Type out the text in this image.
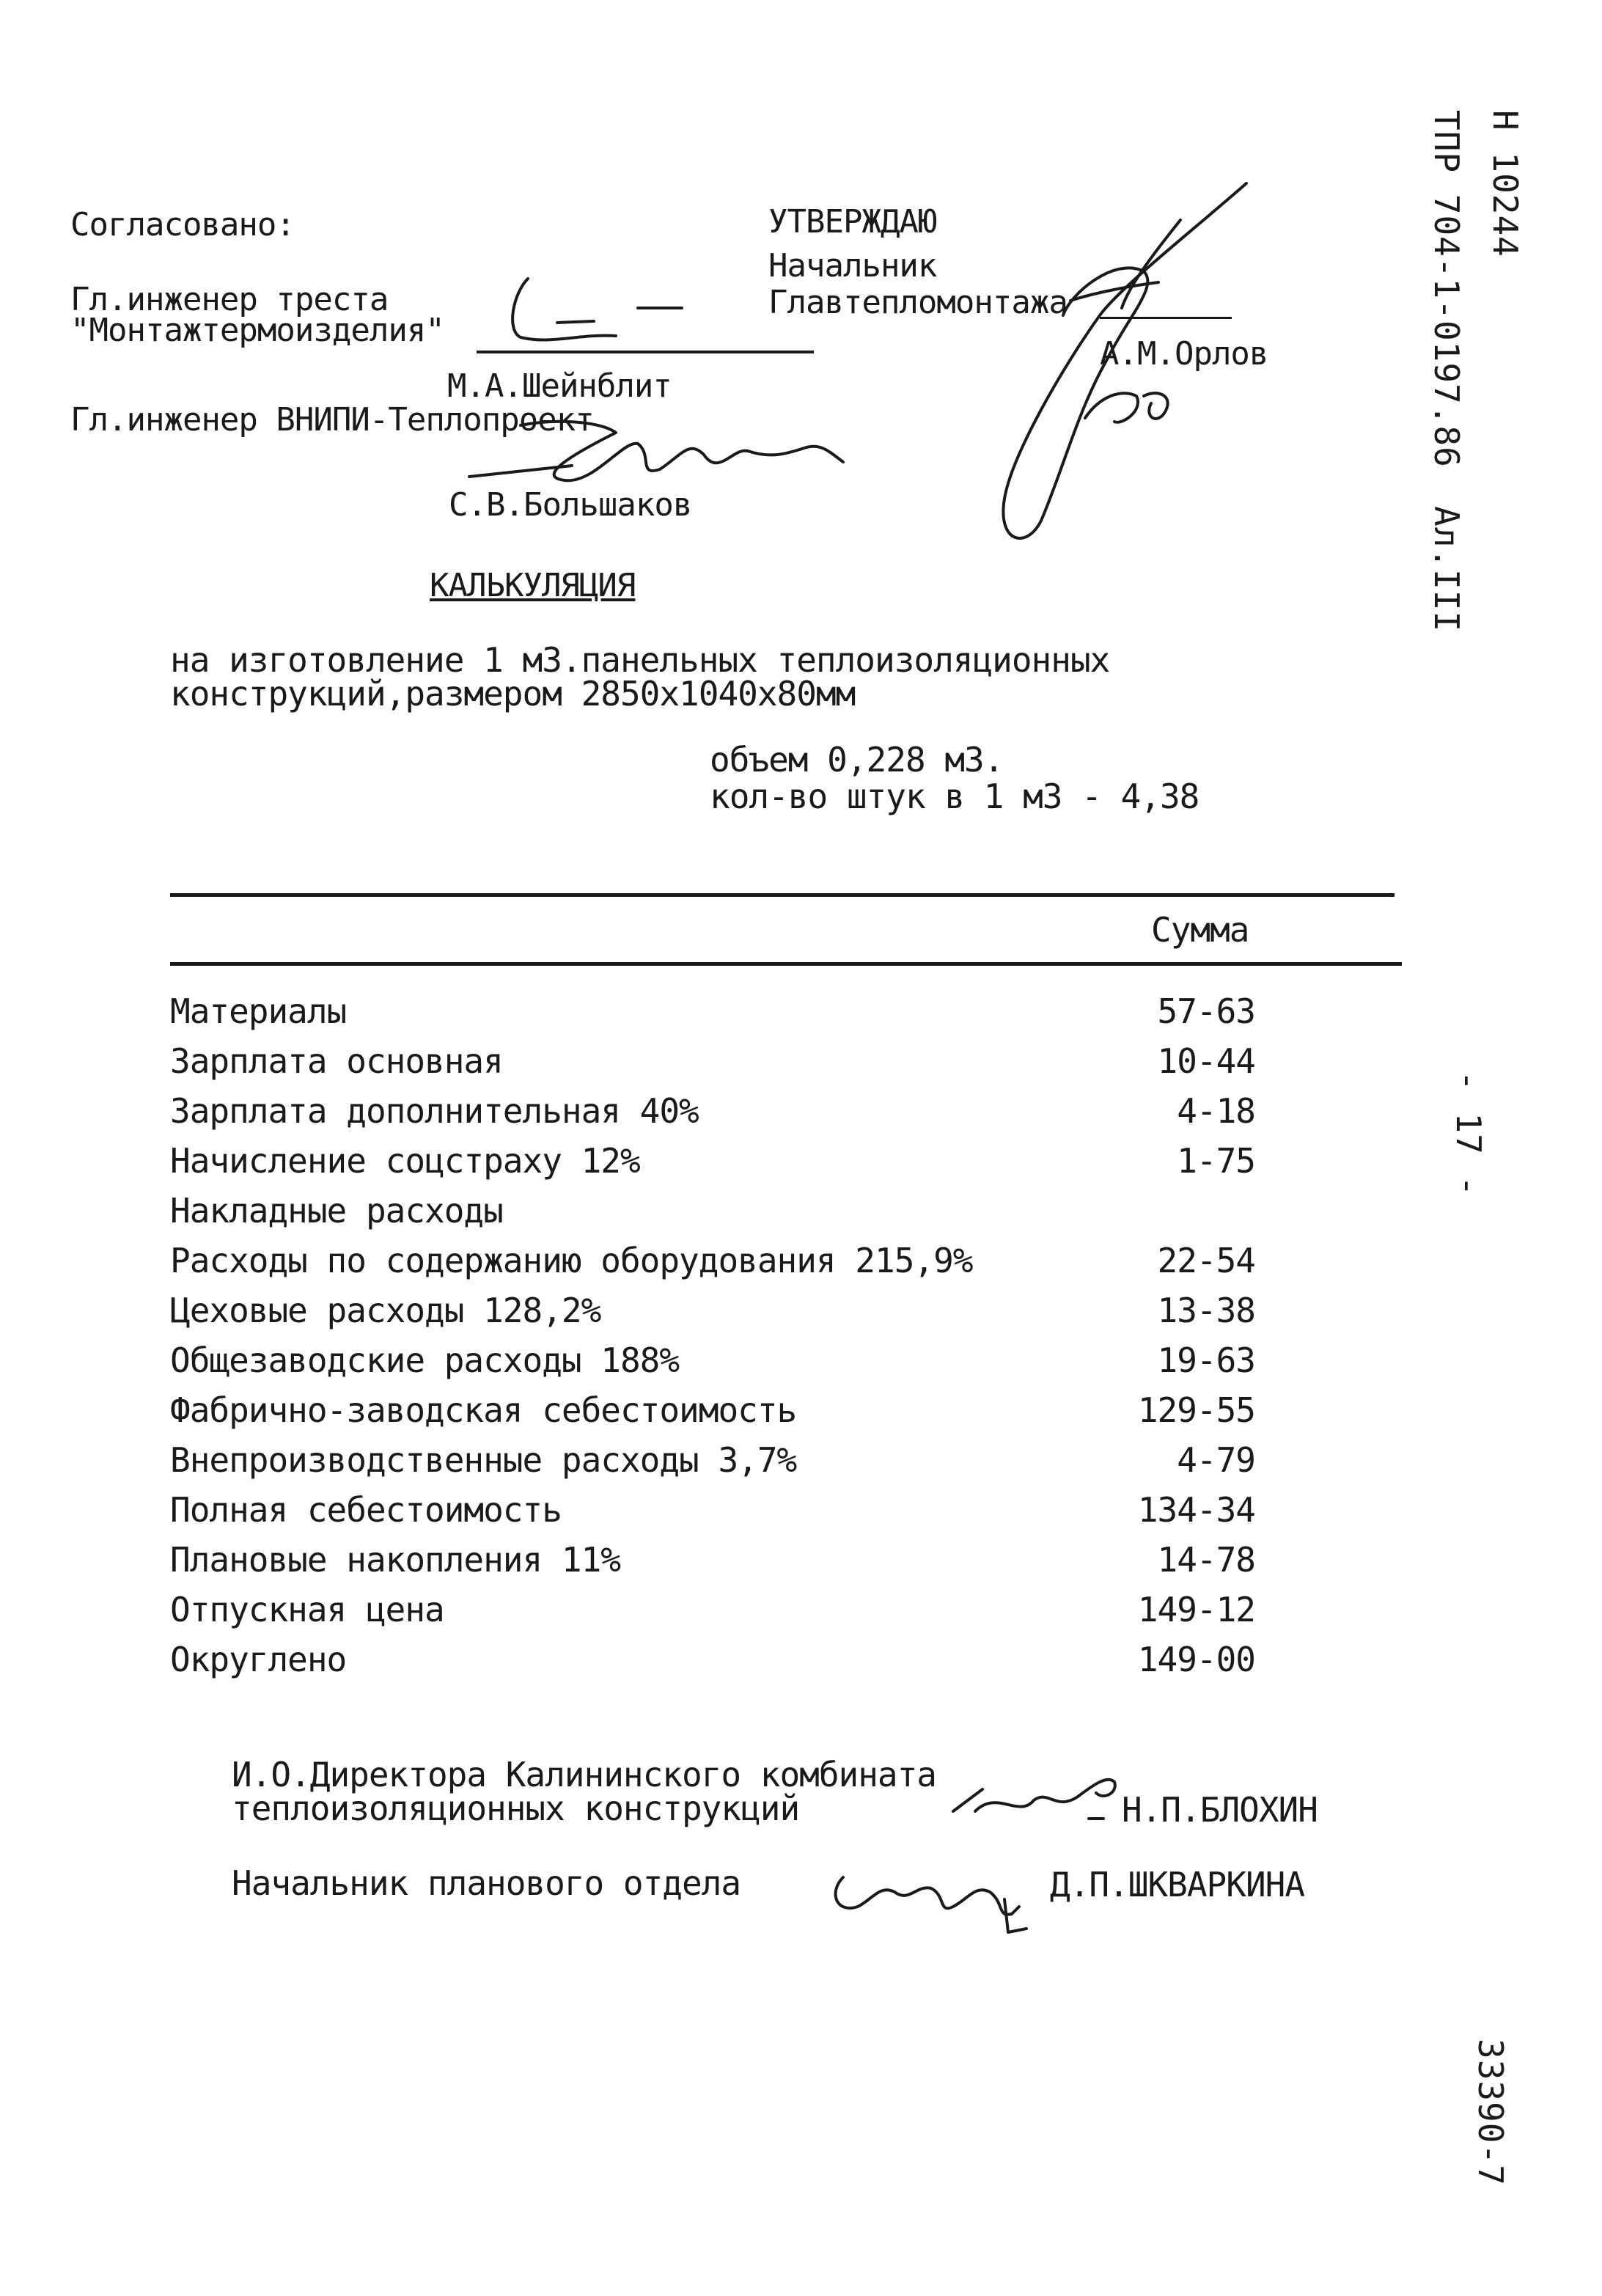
Согласовано:
Гл.инженер треста
"Монтажтермоизделия"
М.А.Шейнблит
Гл.инженер ВНИПИ-Теплопроект
С.В.Большаков
УТВЕРЖДАЮ
Начальник
Главтепломонтажа
А.М.Орлов
Н 10244
ТПР 704-1-0197.86
Ал.III
- 17 -
33390-7
КАЛЬКУЛЯЦИЯ
на изготовление 1 м3.панельных теплоизоляционных
конструкций,размером 2850х1040х80мм
объем 0,228 м3.
кол-во штук в 1 м3 - 4,38
Сумма
Материалы	57-63
Зарплата основная	10-44
Зарплата дополнительная 40%	4-18
Начисление соцстраху 12%	1-75
Накладные расходы
Расходы по содержанию оборудования 215,9%	22-54
Цеховые расходы 128,2%	13-38
Общезаводские расходы 188%	19-63
Фабрично-заводская себестоимость	129-55
Внепроизводственные расходы 3,7%	4-79
Полная себестоимость	134-34
Плановые накопления 11%	14-78
Отпускная цена	149-12
Округлено	149-00
И.О.Директора Калининского комбината
теплоизоляционных конструкций	Н.П.БЛОХИН
Начальник планового отдела	Д.П.ШКВАРКИНА
